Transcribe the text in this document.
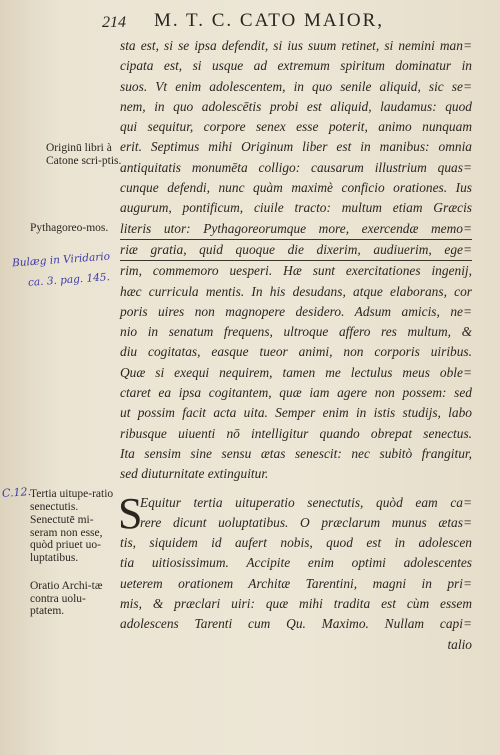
214 M. T. C. CATO MAIOR,
Originū libri à Catone scri-ptis.
Pythagoreo-mos.
Tertia uitupe-ratio senectutis.
Senectutē mi-seram non esse, quòd priuet uo-luptatibus.
Oratio Archi-tæ contra uolu-ptatem.
Bulæg in Viridario
ca. 3. pag. 145.
C.12.
sta est, si se ipsa defendit, si ius suum retinet, si nemini man=
cipata est, si usque ad extremum spiritum dominatur in
suos. Vt enim adolescentem, in quo senile aliquid, sic se=
nem, in quo adolescētis probi est aliquid, laudamus: quod
qui sequitur, corpore senex esse poterit, animo nunquam
erit. Septimus mihi Originum liber est in manibus: omnia
antiquitatis monumēta colligo: causarum illustrium quas=
cunque defendi, nunc quàm maximè conficio orationes. Ius
augurum, pontificum, ciuile tracto: multum etiam Græcis
literis utor: Pythagoreorumque more, exercendæ memo=
riæ gratia, quid quoque die dixerim, audiuerim, ege=
rim, commemoro uesperi. Hæ sunt exercitationes ingenij,
hæc curricula mentis. In his desudans, atque elaborans, cor
poris uires non magnopere desidero. Adsum amicis, ne=
nio in senatum frequens, ultroque affero res multum, &
diu cogitatas, easque tueor animi, non corporis uiribus.
Quæ si exequi nequirem, tamen me lectulus meus oble=
ctaret ea ipsa cogitantem, quæ iam agere non possem: sed
ut possim facit acta uita. Semper enim in istis studijs, labo
ribusque uiuenti nō intelligitur quando obrepat senectus.
Ita sensim sine sensu ætas senescit: nec subitò frangitur,
sed diuturnitate extinguitur.
S
Equitur tertia uituperatio senectutis, quòd eam ca=
rere dicunt uoluptatibus. O præclarum munus ætas=
tis, siquidem id aufert nobis, quod est in adolescen
tia uitiosissimum. Accipite enim optimi adolescentes
ueterem orationem Architæ Tarentini, magni in pri=
mis, & præclari uiri: quæ mihi tradita est cùm essem
adolescens Tarenti cum Qu. Maximo. Nullam capi=
talio
